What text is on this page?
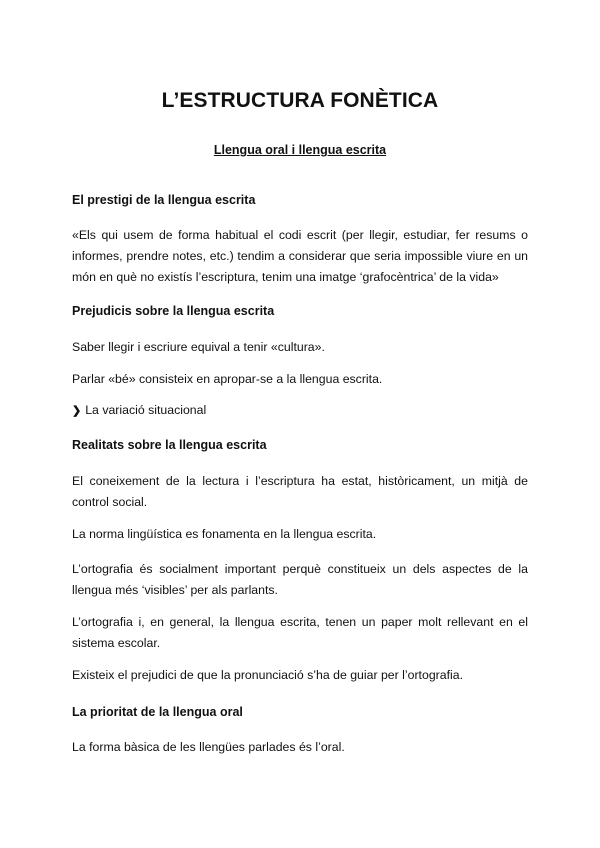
L’ESTRUCTURA FONÈTICA

Llengua oral i llengua escrita

El prestigi de la llengua escrita

«Els qui usem de forma habitual el codi escrit (per llegir, estudiar, fer resums o informes, prendre notes, etc.) tendim a considerar que seria impossible viure en un món en què no existís l’escriptura, tenim una imatge ‘grafocèntrica’ de la vida»

Prejudicis sobre la llengua escrita

Saber llegir i escriure equival a tenir «cultura».

Parlar «bé» consisteix en apropar-se a la llengua escrita.

❯ La variació situacional

Realitats sobre la llengua escrita

El coneixement de la lectura i l’escriptura ha estat, històricament, un mitjà de control social.

La norma lingüística es fonamenta en la llengua escrita.

L’ortografia és socialment important perquè constitueix un dels aspectes de la llengua més ‘visibles’ per als parlants.

L’ortografia i, en general, la llengua escrita, tenen un paper molt rellevant en el sistema escolar.

Existeix el prejudici de que la pronunciació s’ha de guiar per l’ortografia.

La prioritat de la llengua oral

La forma bàsica de les llengües parlades és l’oral.
